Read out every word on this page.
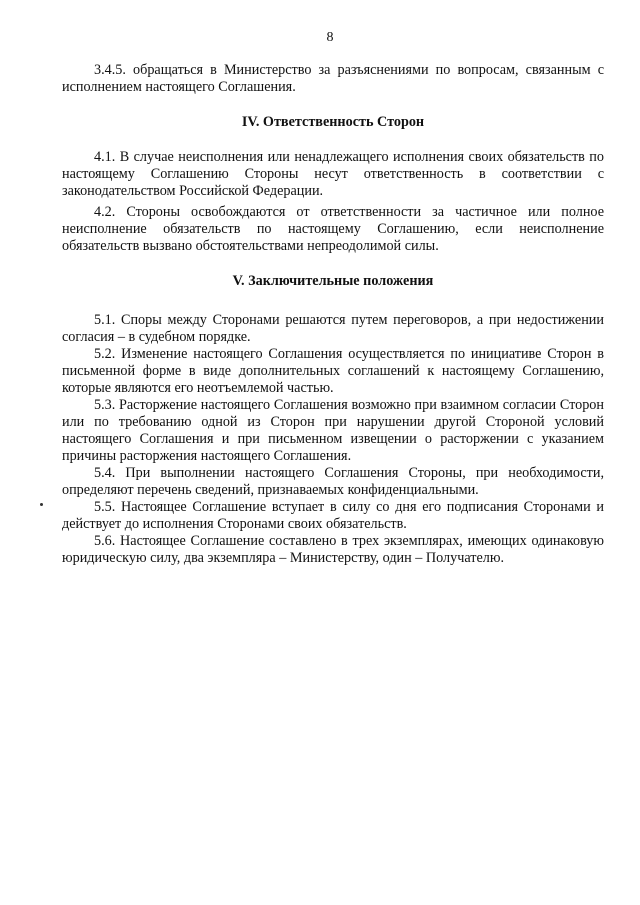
8

3.4.5. обращаться в Министерство за разъяснениями по вопросам, связанным с исполнением настоящего Соглашения.

IV. Ответственность Сторон

4.1. В случае неисполнения или ненадлежащего исполнения своих обязательств по настоящему Соглашению Стороны несут ответственность в соответствии с законодательством Российской Федерации.

4.2. Стороны освобождаются от ответственности за частичное или полное неисполнение обязательств по настоящему Соглашению, если неисполнение обязательств вызвано обстоятельствами непреодолимой силы.

V. Заключительные положения

5.1. Споры между Сторонами решаются путем переговоров, а при недостижении согласия – в судебном порядке.

5.2. Изменение настоящего Соглашения осуществляется по инициативе Сторон в письменной форме в виде дополнительных соглашений к настоящему Соглашению, которые являются его неотъемлемой частью.

5.3. Расторжение настоящего Соглашения возможно при взаимном согласии Сторон или по требованию одной из Сторон при нарушении другой Стороной условий настоящего Соглашения и при письменном извещении о расторжении с указанием причины расторжения настоящего Соглашения.

5.4. При выполнении настоящего Соглашения Стороны, при необходимости, определяют перечень сведений, признаваемых конфиденциальными.

5.5. Настоящее Соглашение вступает в силу со дня его подписания Сторонами и действует до исполнения Сторонами своих обязательств.

5.6. Настоящее Соглашение составлено в трех экземплярах, имеющих одинаковую юридическую силу, два экземпляра – Министерству, один – Получателю.
